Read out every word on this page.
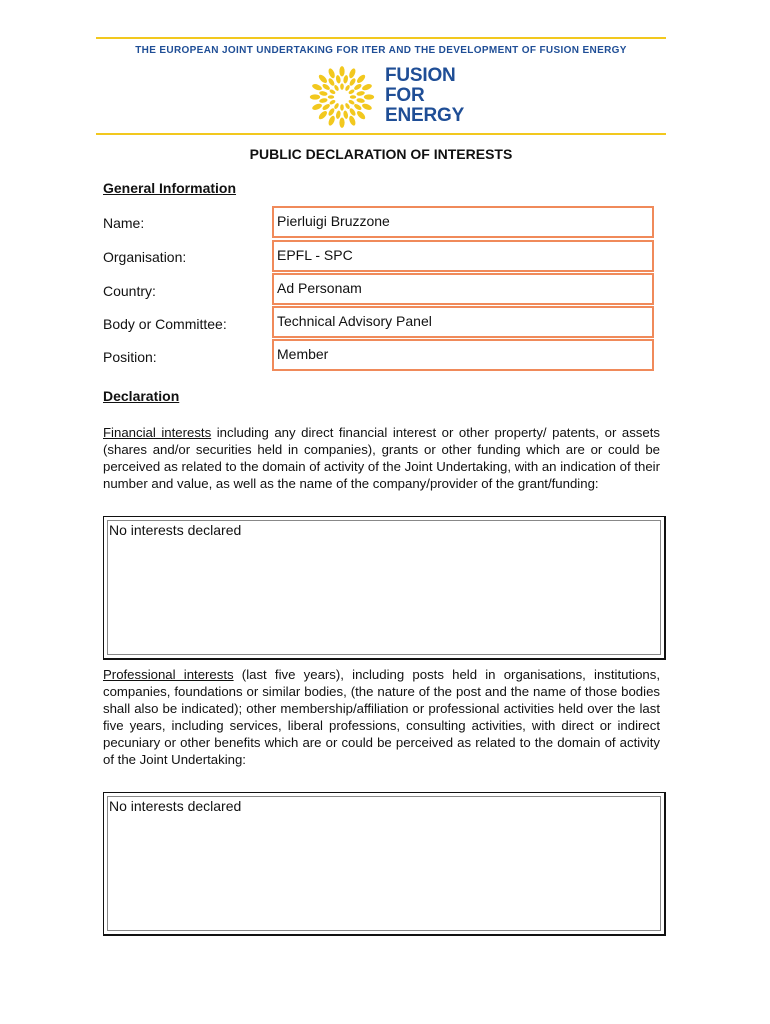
THE EUROPEAN JOINT UNDERTAKING FOR ITER AND THE DEVELOPMENT OF FUSION ENERGY
FUSION
FOR
ENERGY
PUBLIC DECLARATION OF INTERESTS
General Information
Name:	Pierluigi Bruzzone
Organisation:	EPFL - SPC
Country:	Ad Personam
Body or Committee:	Technical Advisory Panel
Position:	Member
Declaration
Financial interests including any direct financial interest or other property/ patents, or assets (shares and/or securities held in companies), grants or other funding which are or could be perceived as related to the domain of activity of the Joint Undertaking, with an indication of their number and value, as well as the name of the company/provider of the grant/funding:
No interests declared
Professional interests (last five years), including posts held in organisations, institutions, companies, foundations or similar bodies, (the nature of the post and the name of those bodies shall also be indicated); other membership/affiliation or professional activities held over the last five years, including services, liberal professions, consulting activities, with direct or indirect pecuniary or other benefits which are or could be perceived as related to the domain of activity of the Joint Undertaking:
No interests declared
